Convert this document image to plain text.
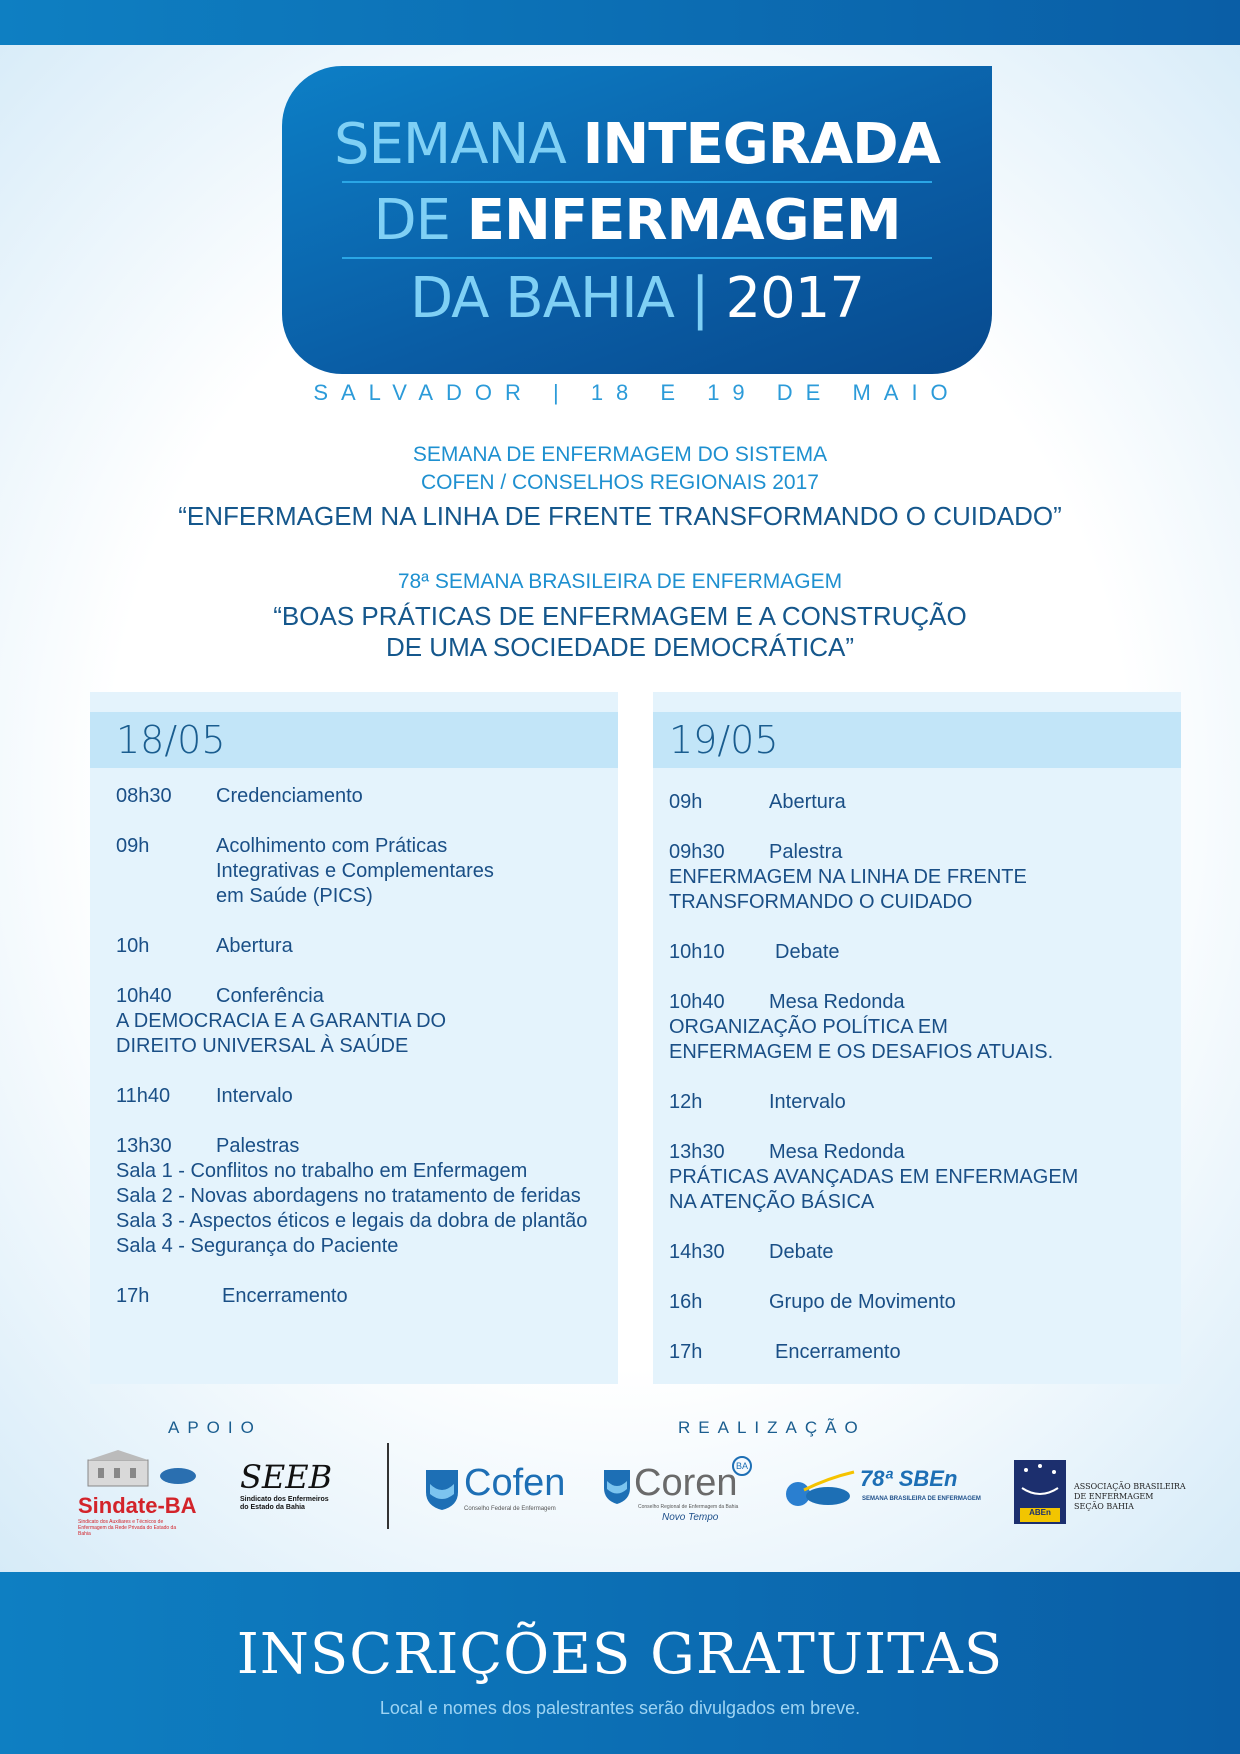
SEMANA INTEGRADA
DE ENFERMAGEM
DA BAHIA | 2017
SALVADOR | 18 E 19 DE MAIO
SEMANA DE ENFERMAGEM DO SISTEMA
COFEN / CONSELHOS REGIONAIS 2017
“ENFERMAGEM NA LINHA DE FRENTE TRANSFORMANDO O CUIDADO”
78ª SEMANA BRASILEIRA DE ENFERMAGEM
“BOAS PRÁTICAS DE ENFERMAGEM E A CONSTRUÇÃO
DE UMA SOCIEDADE DEMOCRÁTICA”
18/05
08h30 Credenciamento
09h	Acolhimento com Práticas
Integrativas e Complementares
em Saúde (PICS)
10h	Abertura
10h40 Conferência
A DEMOCRACIA E A GARANTIA DO
DIREITO UNIVERSAL À SAÚDE
11h40 Intervalo
13h30 Palestras
Sala 1 - Conflitos no trabalho em Enfermagem
Sala 2 - Novas abordagens no tratamento de feridas
Sala 3 - Aspectos éticos e legais da dobra de plantão
Sala 4 - Segurança do Paciente
17h	Encerramento
19/05
09h	Abertura
09h30 Palestra
ENFERMAGEM NA LINHA DE FRENTE
TRANSFORMANDO O CUIDADO
10h10	Debate
10h40 Mesa Redonda
ORGANIZAÇÃO POLÍTICA EM
ENFERMAGEM E OS DESAFIOS ATUAIS.
12h	Intervalo
13h30 Mesa Redonda
PRÁTICAS AVANÇADAS EM ENFERMAGEM
NA ATENÇÃO BÁSICA
14h30 Debate
16h	Grupo de Movimento
17h	Encerramento
APOIO	REALIZAÇÃO
Sindate-BA
Sindicato dos Auxiliares e Técnicos de Enfermagem da Rede Privada do Estado da Bahia
SEEB
Sindicato dos Enfermeiros do Estado da Bahia
Cofen
Conselho Federal de Enfermagem
Coren
BA
Conselho Regional de Enfermagem da Bahia
Novo Tempo
78ª SBEn
SEMANA BRASILEIRA DE ENFERMAGEM
ABEn
ASSOCIAÇÃO BRASILEIRA
DE ENFERMAGEM
SEÇÃO BAHIA
INSCRIÇÕES GRATUITAS
Local e nomes dos palestrantes serão divulgados em breve.
